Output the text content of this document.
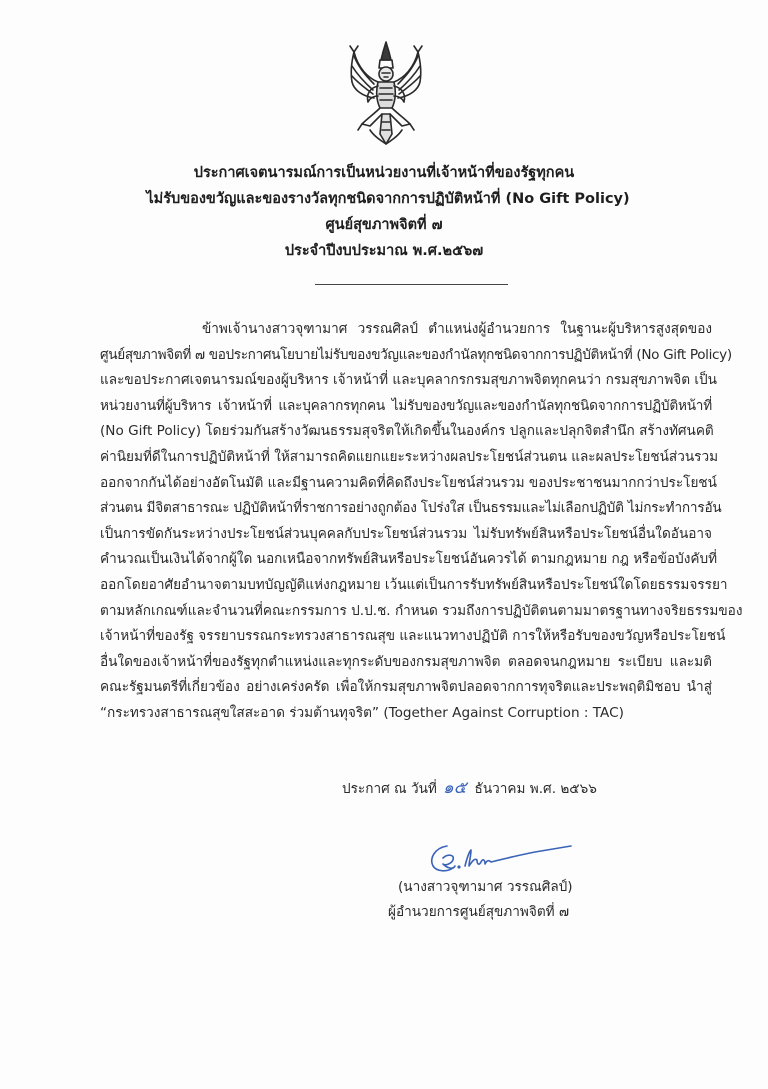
ประกาศเจตนารมณ์การเป็นหน่วยงานที่เจ้าหน้าที่ของรัฐทุกคน
ไม่รับของขวัญและของรางวัลทุกชนิดจากการปฏิบัติหน้าที่ (No Gift Policy)
ศูนย์สุขภาพจิตที่ ๗
ประจำปีงบประมาณ พ.ศ.๒๕๖๗
ข้าพเจ้านางสาวจุฑามาศ วรรณศิลป์ ตำแหน่งผู้อำนวยการ ในฐานะผู้บริหารสูงสุดของ
ศูนย์สุขภาพจิตที่ ๗ ขอประกาศนโยบายไม่รับของขวัญและของกำนัลทุกชนิดจากการปฏิบัติหน้าที่ (No Gift Policy)
และขอประกาศเจตนารมณ์ของผู้บริหาร เจ้าหน้าที่ และบุคลากรกรมสุขภาพจิตทุกคนว่า กรมสุขภาพจิต เป็น
หน่วยงานที่ผู้บริหาร เจ้าหน้าที่ และบุคลากรทุกคน ไม่รับของขวัญและของกำนัลทุกชนิดจากการปฏิบัติหน้าที่
(No Gift Policy) โดยร่วมกันสร้างวัฒนธรรมสุจริตให้เกิดขึ้นในองค์กร ปลูกและปลุกจิตสำนึก สร้างทัศนคติ
ค่านิยมที่ดีในการปฏิบัติหน้าที่ ให้สามารถคิดแยกแยะระหว่างผลประโยชน์ส่วนตน และผลประโยชน์ส่วนรวม
ออกจากกันได้อย่างอัตโนมัติ และมีฐานความคิดที่คิดถึงประโยชน์ส่วนรวม ของประชาชนมากกว่าประโยชน์
ส่วนตน มีจิตสาธารณะ ปฏิบัติหน้าที่ราชการอย่างถูกต้อง โปร่งใส เป็นธรรมและไม่เลือกปฏิบัติ ไม่กระทำการอัน
เป็นการขัดกันระหว่างประโยชน์ส่วนบุคคลกับประโยชน์ส่วนรวม ไม่รับทรัพย์สินหรือประโยชน์อื่นใดอันอาจ
คำนวณเป็นเงินได้จากผู้ใด นอกเหนือจากทรัพย์สินหรือประโยชน์อันควรได้ ตามกฎหมาย กฎ หรือข้อบังคับที่
ออกโดยอาศัยอำนาจตามบทบัญญัติแห่งกฎหมาย เว้นแต่เป็นการรับทรัพย์สินหรือประโยชน์ใดโดยธรรมจรรยา
ตามหลักเกณฑ์และจำนวนที่คณะกรรมการ ป.ป.ช. กำหนด รวมถึงการปฏิบัติตนตามมาตรฐานทางจริยธรรมของ
เจ้าหน้าที่ของรัฐ จรรยาบรรณกระทรวงสาธารณสุข และแนวทางปฏิบัติ การให้หรือรับของขวัญหรือประโยชน์
อื่นใดของเจ้าหน้าที่ของรัฐทุกตำแหน่งและทุกระดับของกรมสุขภาพจิต ตลอดจนกฎหมาย ระเบียบ และมติ
คณะรัฐมนตรีที่เกี่ยวข้อง อย่างเคร่งครัด เพื่อให้กรมสุขภาพจิตปลอดจากการทุจริตและประพฤติมิชอบ นำสู่
“กระทรวงสาธารณสุขใสสะอาด ร่วมต้านทุจริต” (Together Against Corruption : TAC)
ประกาศ ณ วันที่ ๑๕ ธันวาคม พ.ศ. ๒๕๖๖
(นางสาวจุฑามาศ วรรณศิลป์)
ผู้อำนวยการศูนย์สุขภาพจิตที่ ๗
